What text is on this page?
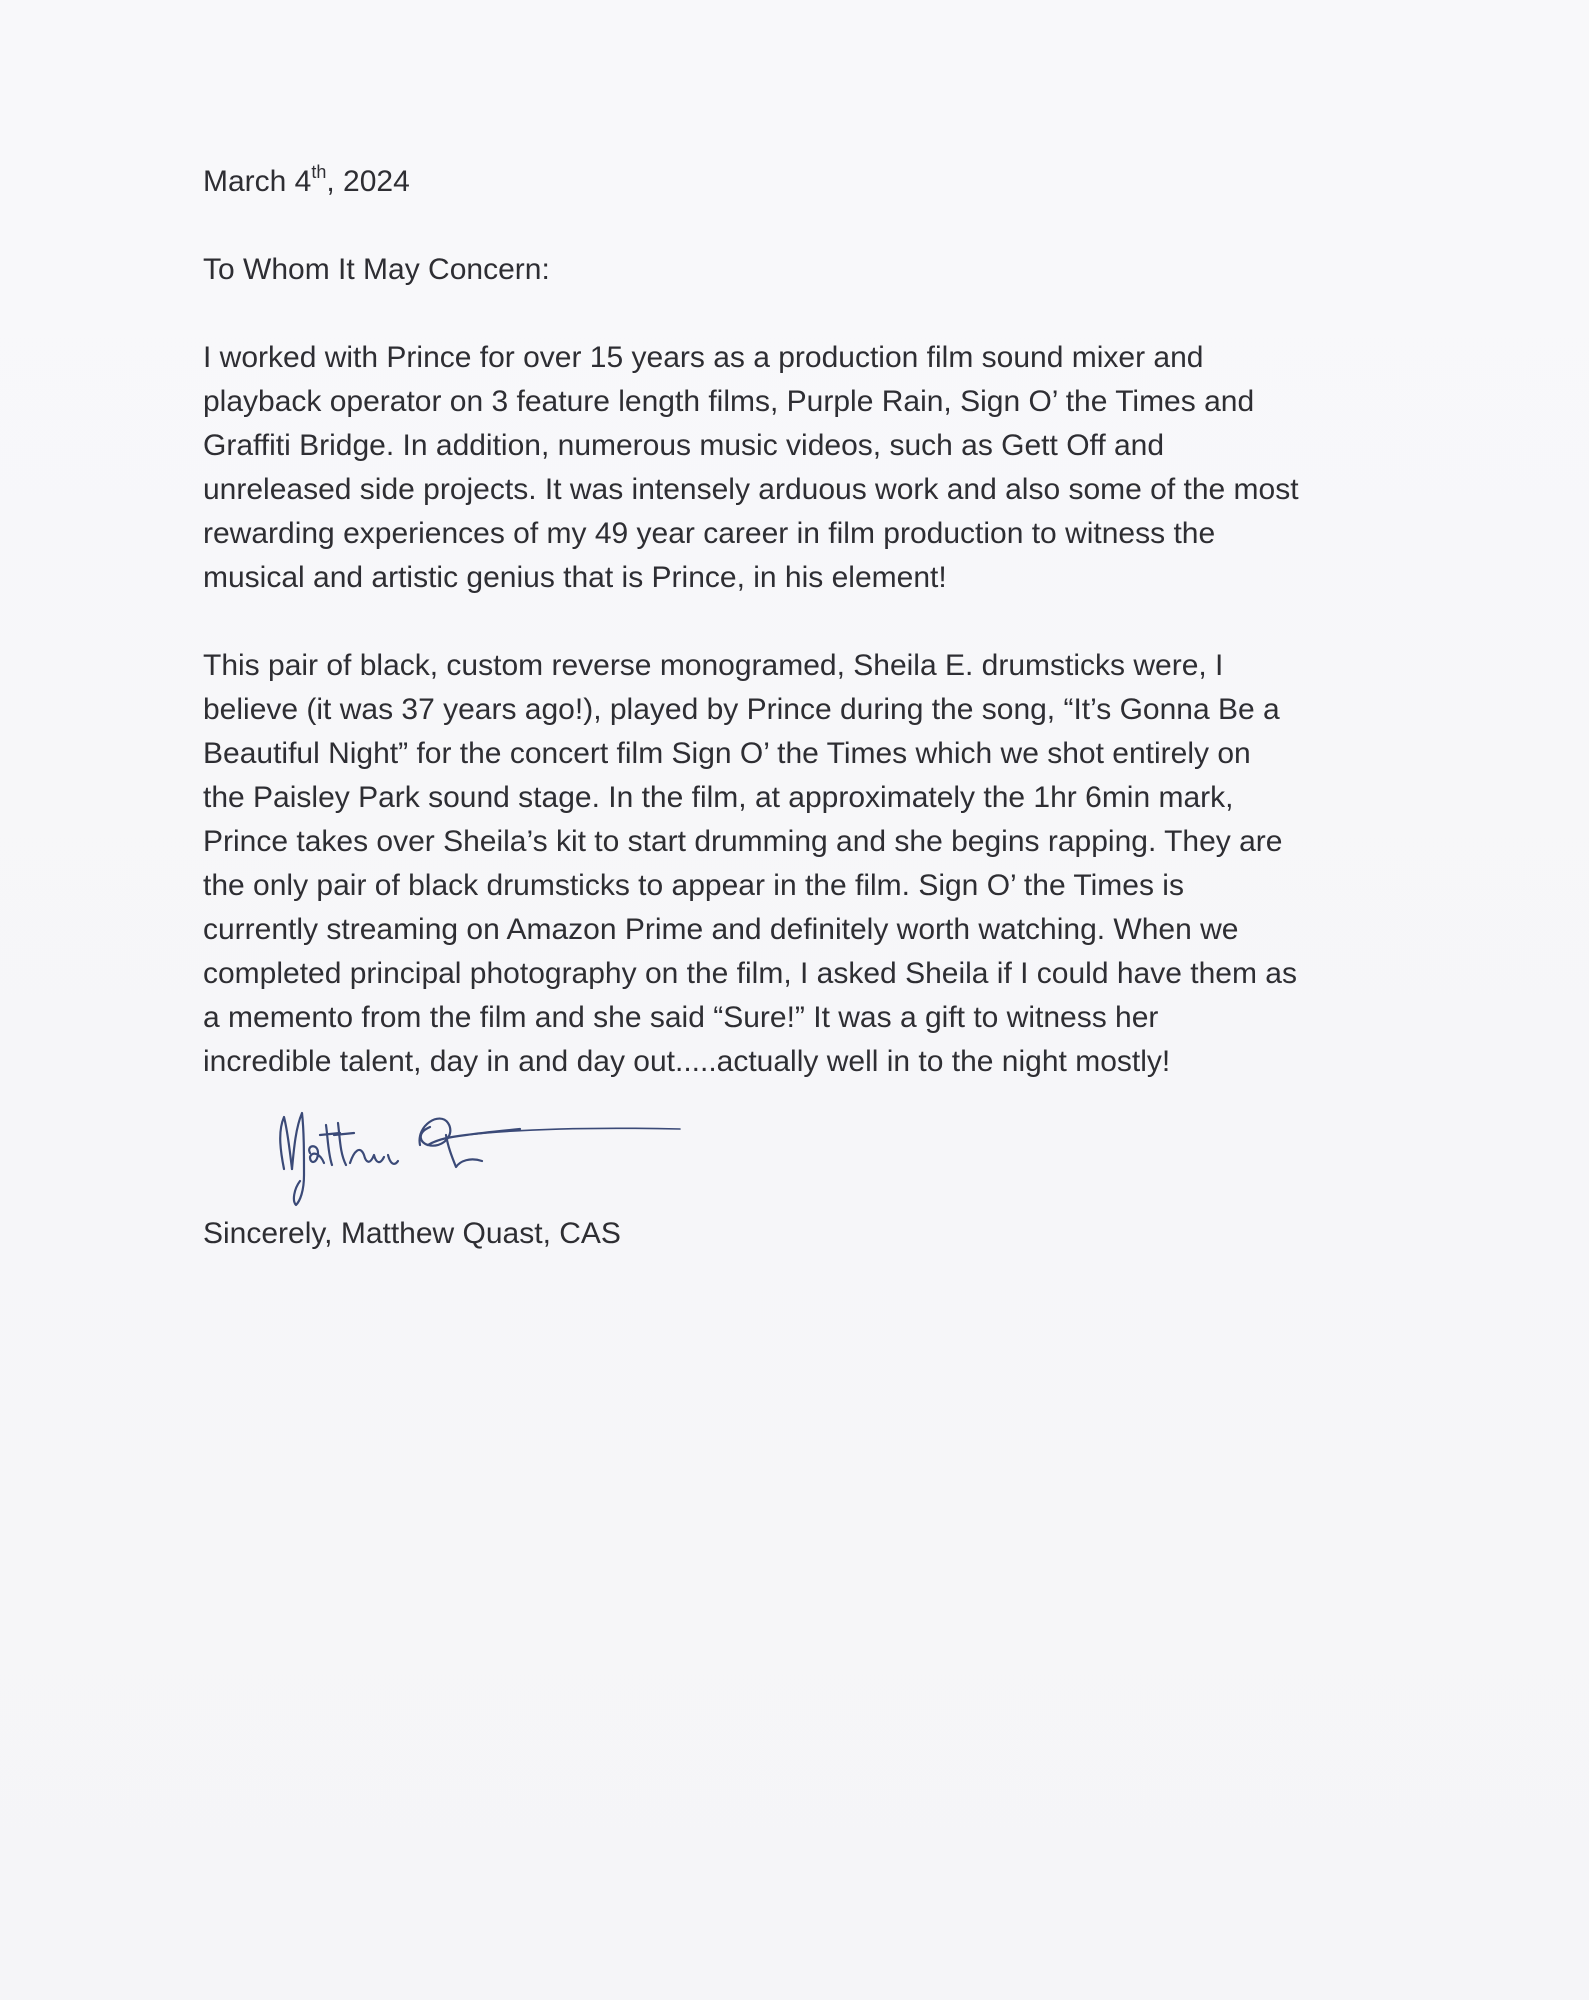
March 4th, 2024

To Whom It May Concern:

I worked with Prince for over 15 years as a production film sound mixer and
playback operator on 3 feature length films, Purple Rain, Sign O’ the Times and
Graffiti Bridge. In addition, numerous music videos, such as Gett Off and
unreleased side projects. It was intensely arduous work and also some of the most
rewarding experiences of my 49 year career in film production to witness the
musical and artistic genius that is Prince, in his element!

This pair of black, custom reverse monogramed, Sheila E. drumsticks were, I
believe (it was 37 years ago!), played by Prince during the song, “It’s Gonna Be a
Beautiful Night” for the concert film Sign O’ the Times which we shot entirely on
the Paisley Park sound stage. In the film, at approximately the 1hr 6min mark,
Prince takes over Sheila’s kit to start drumming and she begins rapping. They are
the only pair of black drumsticks to appear in the film. Sign O’ the Times is
currently streaming on Amazon Prime and definitely worth watching. When we
completed principal photography on the film, I asked Sheila if I could have them as
a memento from the film and she said “Sure!” It was a gift to witness her
incredible talent, day in and day out.....actually well in to the night mostly!

Sincerely, Matthew Quast, CAS
